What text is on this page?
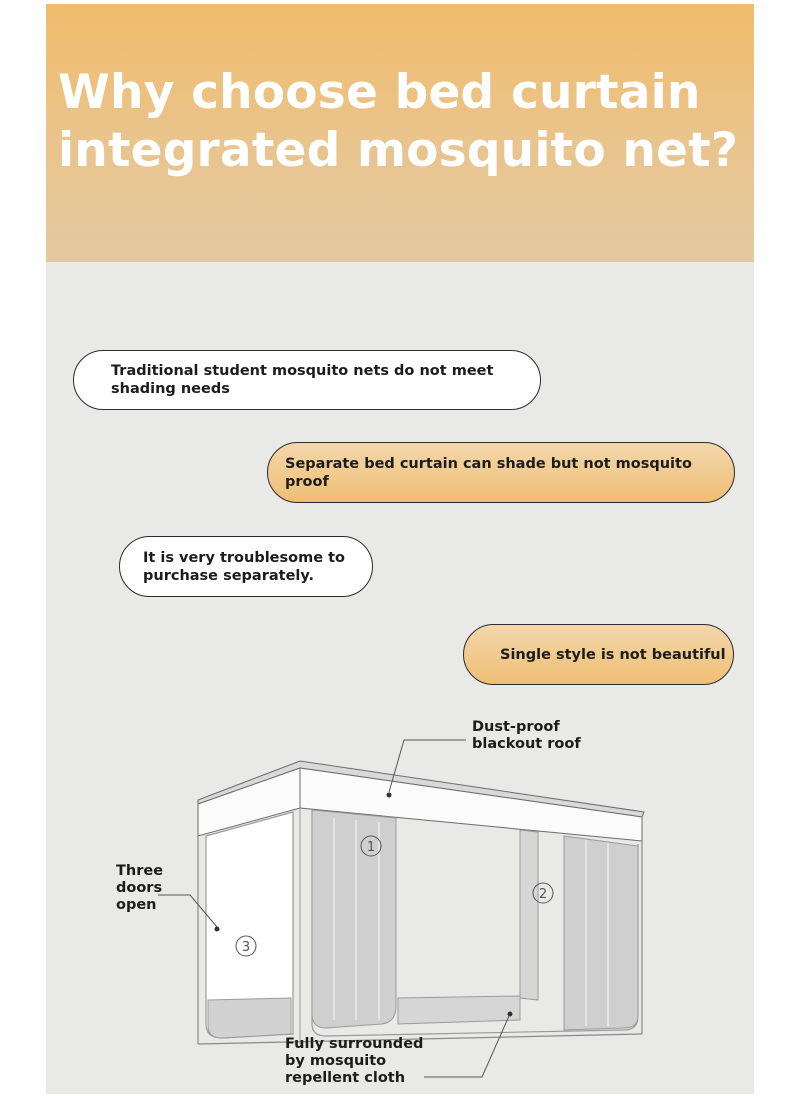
Why choose bed curtain
integrated mosquito net?
Traditional student mosquito nets do not meet
shading needs
Separate bed curtain can shade but not mosquito proof
It is very troublesome to
purchase separately.
Single style is not beautiful
1
2
3
Dust-proof
blackout roof
Three
doors
open
Fully surrounded
by mosquito
repellent cloth
